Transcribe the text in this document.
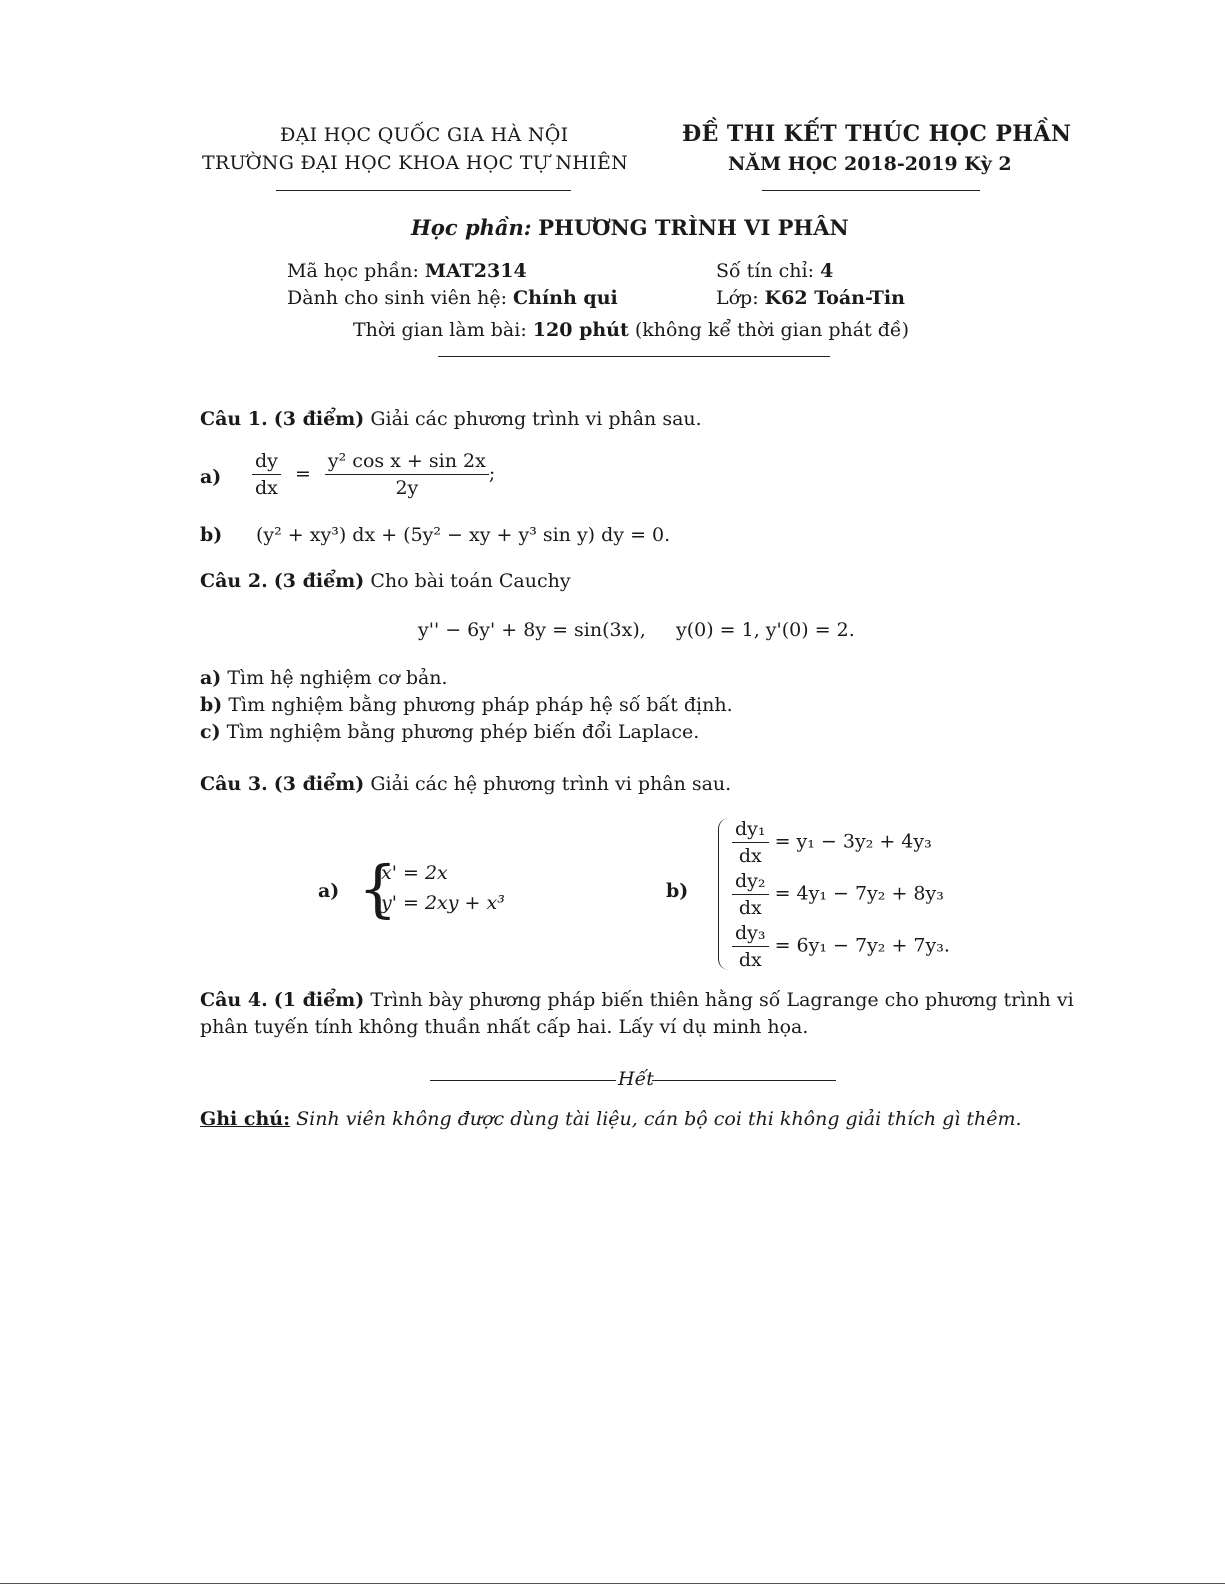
ĐẠI HỌC QUỐC GIA HÀ NỘI
TRƯỜNG ĐẠI HỌC KHOA HỌC TỰ NHIÊN
ĐỀ THI KẾT THÚC HỌC PHẦN
NĂM HỌC 2018-2019 Kỳ 2
Học phần: PHƯƠNG TRÌNH VI PHÂN
Mã học phần: MAT2314	Số tín chỉ: 4
Dành cho sinh viên hệ: Chính qui	Lớp: K62 Toán-Tin
Thời gian làm bài: 120 phút (không kể thời gian phát đề)
Câu 1. (3 điểm) Giải các phương trình vi phân sau.
$a) \frac{dy}{dx} = \frac{\text{y² cos x + sin 2x}}{2y}$ ;
b) (y² + xy³) dx + (5y² − xy + y³ sin y) dy = 0.
Câu 2. (3 điểm) Cho bài toán Cauchy
y'' − 6y' + 8y = sin(3x),     y(0) = 1, y'(0) = 2.
a) Tìm hệ nghiệm cơ bản.
b) Tìm nghiệm bằng phương pháp pháp hệ số bất định.
c) Tìm nghiệm bằng phương phép biến đổi Laplace.
Câu 3. (3 điểm) Giải các hệ phương trình vi phân sau.
a) {
x' = 2x
y' = 2xy + x³
b)
$\frac{\text{dy₁}}{dx} = y_1 - 3y_2 + 4y_3$
$\frac{\text{dy₂}}{dx} = 4y_1 - 7y_2 + 8y_3$
$\frac{\text{dy₃}}{dx} = 6y_1 - 7y_2 + 7y_3$.
Câu 4. (1 điểm) Trình bày phương pháp biến thiên hằng số Lagrange cho phương trình vi
phân tuyến tính không thuần nhất cấp hai. Lấy ví dụ minh họa.
Hết
Ghi chú: Sinh viên không được dùng tài liệu, cán bộ coi thi không giải thích gì thêm.
